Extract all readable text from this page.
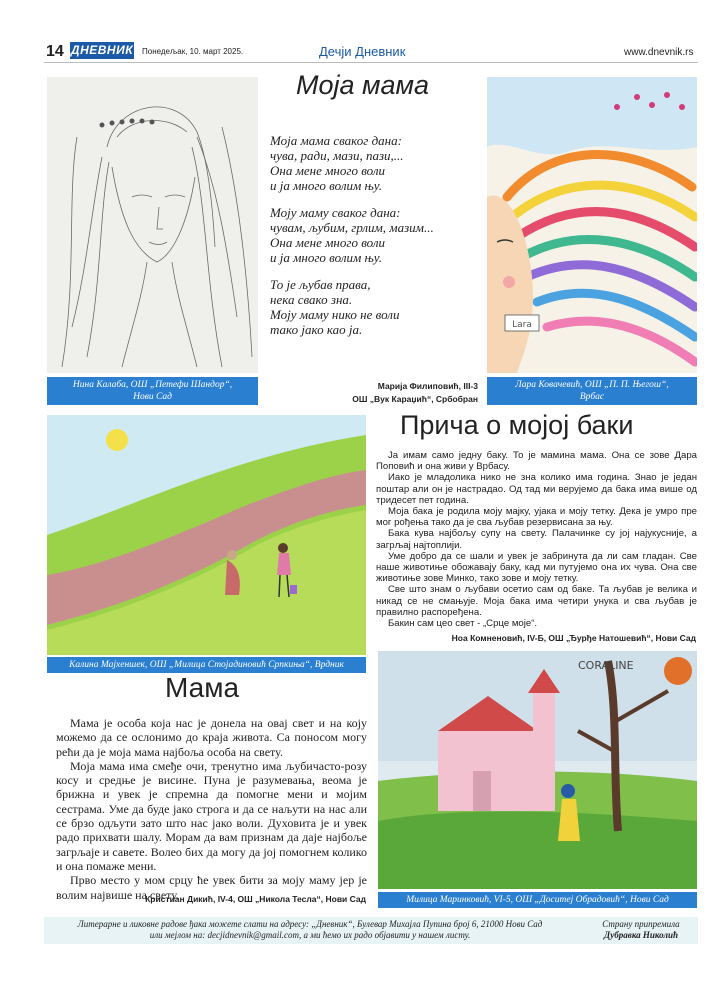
14 ДНЕВНИК Понедељак, 10. март 2025.	Дечји Дневник	www.dnevnik.rs
Нина Калаба, ОШ „Петефи Шандор“,
Нови Сад
Моја мама

Моја мама сваког дана:
чува, ради, мази, пази,...
Она мене много воли
и ја много волим њу.

Моју маму сваког дана:
чувам, љубим, грлим, мазим...
Она мене много воли
и ја много волим њу.

То је љубав права,
нека свако зна.
Моју маму нико не воли
тако јако као ја.

Марија Филиповић, III-3
ОШ „Вук Караџић“, Србобран
Lara
Лара Ковачевић, ОШ „П. П. Његош“,
Врбас
Калина Мајхеншек, ОШ „Милица Стојадиновић Српкиња“, Врдник
Прича о мојој баки

Ја имам само једну баку. То је мамина мама. Она се зове Дара Поповић и она живи у Врбасу.

Иако је младолика нико не зна колико има година. Знао је један поштар али он је настрадао. Од тад ми верујемо да бака има више од тридесет пет година.

Моја бака је родила моју мајку, ујака и моју тетку. Дека је умро пре мог рођења тако да је сва љубав резервисана за њу.

Бака кува најбољу супу на свету. Палачинке су јој најукусније, а загрљај најтоплији.

Уме добро да се шали и увек је забринута да ли сам гладан. Све наше животиње обожавају баку, кад ми путујемо она их чува. Она све животиње зове Минко, тако зове и моју тетку.

Све што знам о љубави осетио сам од баке. Та љубав је велика и никад се не смањује. Моја бака има четири унука и сва љубав је правилно распоређена.

Бакин сам цео свет - „Срце моје“.

Ноа Комненовић, IV-Б, ОШ „Ђурђе Натошевић“, Нови Сад
CORALINE
Милица Маринковић, VI-5, ОШ „Доситеј Обрадовић“, Нови Сад
Мама

Мама је особа која нас је донела на овај свет и на коју можемо да се ослонимо до краја живота. Са поносом могу рећи да је моја мама најбоља особа на свету.

Моја мама има смеђе очи, тренутно има љубичасто-розу косу и средње је висине. Пуна је разумевања, веома је брижна и увек је спремна да помогне мени и мојим сестрама. Уме да буде јако строга и да се наљути на нас али се брзо одљути зато што нас јако воли. Духовита је и увек радо прихвати шалу. Морам да вам признам да даје најбоље загрљаје и савете. Волео бих да могу да јој помогнем колико и она помаже мени.

Прво место у мом срцу ће увек бити за моју маму јер је волим највише на свету.

Кристиан Дикић, IV-4, ОШ „Никола Тесла“, Нови Сад
Литерарне и ликовне радове ђака можете слати на адресу: „Дневник“, Булевар Михајла Пупина број 6, 21000 Нови Сад
или мејлом на: decjidnevnik@gmail.com, а ми ћемо их радо објавити у нашем листу.
Страну припремила
Дубравка Николић
